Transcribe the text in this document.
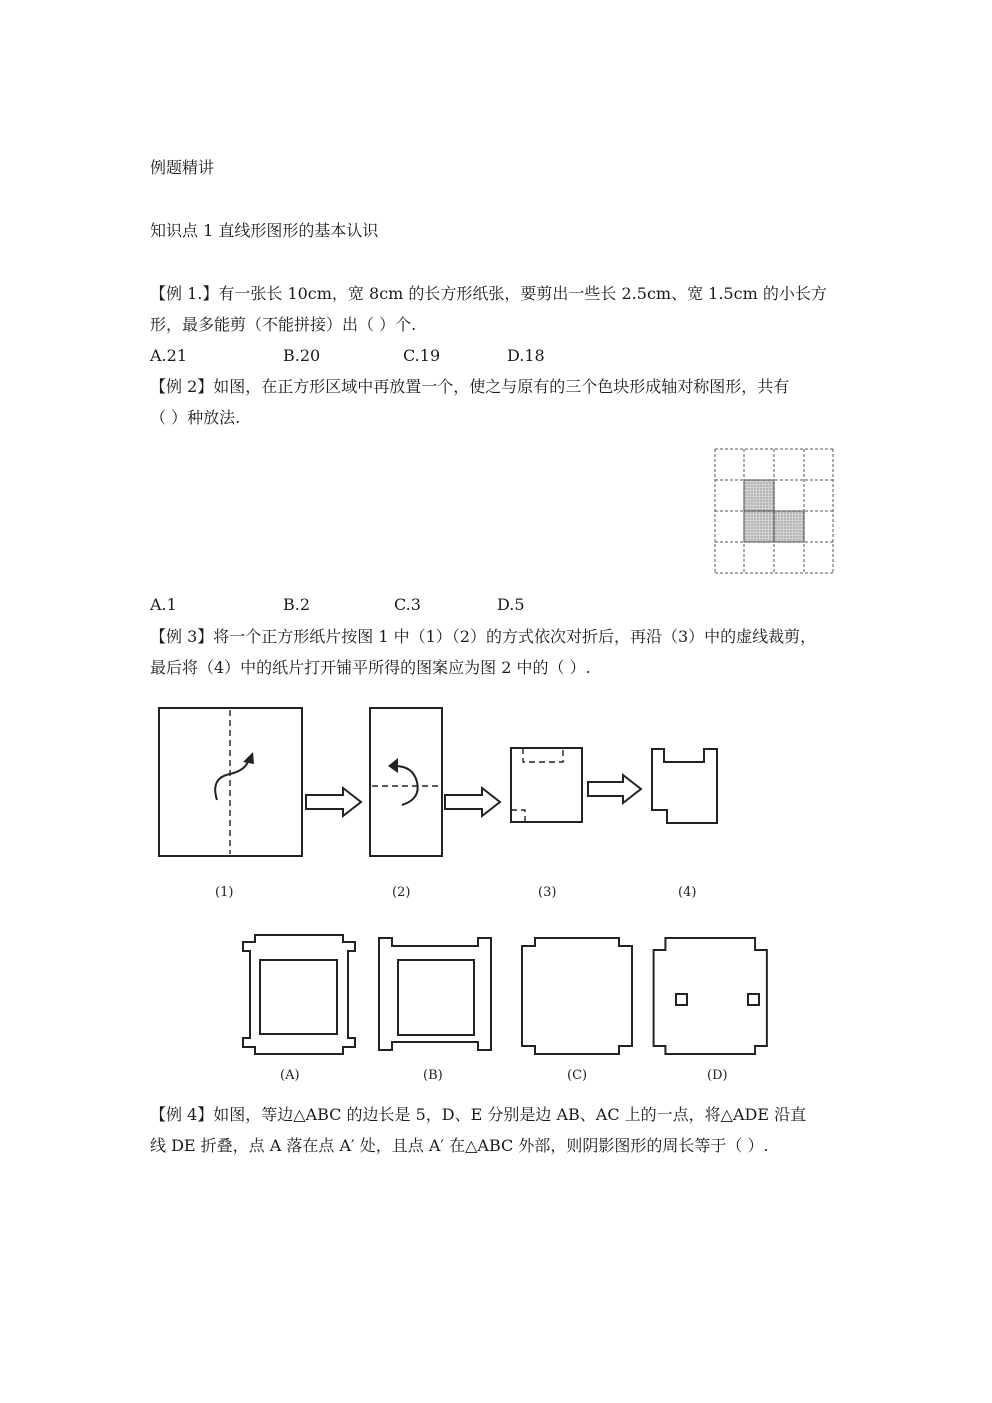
例题精讲
知识点 1 直线形图形的基本认识
【例 1.】有一张长 10cm，宽 8cm 的长方形纸张，要剪出一些长 2.5cm、宽 1.5cm 的小长方
形，最多能剪（不能拼接）出（ ）个.
A.21	B.20	C.19	D.18
【例 2】如图，在正方形区域中再放置一个，使之与原有的三个色块形成轴对称图形，共有
（ ）种放法.
A.1	B.2	C.3	D.5
【例 3】将一个正方形纸片按图 1 中（1）（2）的方式依次对折后，再沿（3）中的虚线裁剪，
最后将（4）中的纸片打开铺平所得的图案应为图 2 中的（ ）.
(1)	(2)	(3)	(4)
(A)	(B)	(C)	(D)
【例 4】如图，等边△ABC 的边长是 5，D、E 分别是边 AB、AC 上的一点，将△ADE 沿直
线 DE 折叠，点 A 落在点 A′ 处，且点 A′ 在△ABC 外部，则阴影图形的周长等于（ ）.
